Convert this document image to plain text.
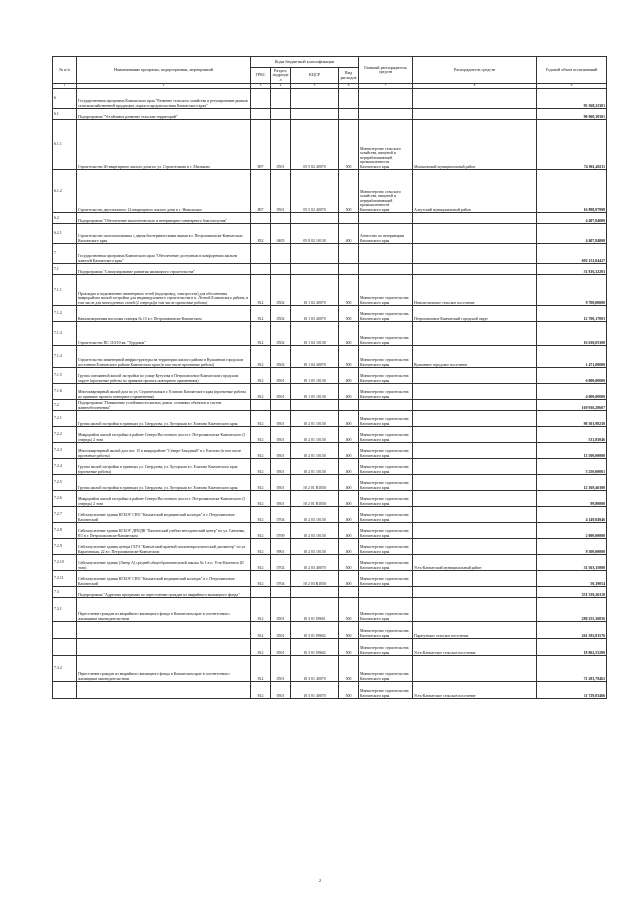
№ п/п	Наименование програмы, подпрограммы, мероприятий	Коды бюджетной классификации				Главный распорядитель средств	Распорядитель средств	Годовой объем ассигнований
		ГРБС	Раздел, подраздел	КЦСР	Вид расходов			
1	2	3	4	5	6	7	8	9
6	Государственная программа Камчатского края "Развитие сельского хозяйства и регулирование рынков сельскохозяйственной продукции, сырья и продовольствия Камчатского края"							95 368,22301
6.1	Подпрограмма "Устойчивое развитие сельских территорий"							90 960,38301
6.1.1	Строительство 40-квартирного жилого дома по ул. Строительная в с. Мильково	807	0501	05 5 02 40070	500	Министерство сельского хозяйства, пищевой и перерабатывающей промышленности Камчатского края	Мильковский муниципальный район	74 061,40211
6.1.2	Строительство двухэтажного 12-квартирного жилого дома в с. Никольское	807	0501	05 5 02 40070	500	Министерство сельского хозяйства, пищевой и перерабатывающей промышленности Камчатского края	Алеутский муниципальный район	16 898,97998
6.2	Подпрограмма "Обеспечение эпизоотического и ветеринарно-санитарного благополучия"							4 407,84000
6.2.1	Строительство скотомогильника с двумя биотермическими ямами в г. Петропавловске-Камчатском Камчатского края	832	0405	05 8 02 10130	400	Агентство по ветеринарии Камчатского края		4 407,84000
7	Государственная программа Камчатского края "Обеспечение доступным и комфортным жильем жителей Камчатского края"							692 152,04427
7.1	Подпрограмма "Стимулирование развития жилищного строительства"							51 816,32203
7.1.1	Прокладка и подключение инженерных сетей (водопровод, электросети) для обеспечения микрорайона жилой застройки для индивидуального строительства в п. Лесной Елизовского района, в том числе для многодетных семей (2 очередь)(в том числе проектные работы)	812	0502	10 1 02 40070	500	Министерство строительства Камчатского края	Новолесновское сельское поселение	9 700,00000
7.1.2	Канализационная насосная станция № 15 в г. Петропавловске-Камчатском	812	0502	10 1 03 40070	500	Министерство строительства Камчатского края	Петропавловск-Камчатский городской округ	12 706,17003
7.1.3	Строительство ПС 110/10 кв. "Турдоков"	812	0502	10 1 04 10130	400	Министерство строительства Камчатского края		16 630,05300
7.1.4	Строительство инженерной инфраструктуры на территории жилого района в Вулканном городском поселении Елизовского района Камчатского края (в том числе проектные работы)	812	0502	10 1 04 40070	500	Министерство строительства Камчатского края	Вулканное городское поселение	1 471,00000
7.1.5	Группа смешанной жилой застройки по улице Кутузова в Петропавловск-Камчатском городском округе (проектные работы по привязке проекта повторного применения)	812	0501	10 1 05 10130	400	Министерство строительства Камчатского края		6 000,00000
7.1.6	Многоквартирный жилой дом по ул. Строительная в г. Елизово Камчатского края (проектные работы по привязке проекта повторного применения)	812	0501	10 1 05 10130	400	Министерство строительства Камчатского края		4 000,00000
7.2	Подпрограмма "Повышение устойчивости жилых домов, основных объектов и систем жизнеобеспечения"							169 036,28607
7.2.1	Группа жилой застройки в границах ул. Свердлова, ул. Хуторская в г. Елизово Камчатского края	812	0501	10 2 01 10130	400	Министерство строительства Камчатского края		90 301,98238
7.2.2	Микрорайон жилой застройки в районе Северо-Восточного шоссе г. Петропавловска-Камчатского (1 очередь) 2 этап	812	0501	10 2 01 10130	400	Министерство строительства Камчатского края		531,85046
7.2.3	Многоквартирный жилой дом поз. 15 в микрорайоне "Северо-Западный" в г. Елизово (в том числе проектные работы)	812	0501	10 2 01 10130	400	Министерство строительства Камчатского края		13 500,00000
7.2.4	Группа жилой застройки в границах ул. Свердлова, ул. Хуторская в г. Елизово Камчатского края (проектные работы)	812	0501	10 2 01 10130	400	Министерство строительства Камчатского края		5 250,00001
7.2.5	Группа жилой застройки в границах ул. Свердлова, ул. Хуторская в г. Елизово Камчатского края	812	0501	10 2 01 R1050	400	Министерство строительства Камчатского края		12 369,46300
7.2.6	Микрорайон жилой застройки в районе Северо-Восточного шоссе г. Петропавловска-Камчатского (1 очередь) 2 этап	812	0501	10 2 01 R1050	400	Министерство строительства Камчатского края		99,80000
7.2.7	Сейсмоусиление здания КГБОУ СПО "Камчатский медицинский колледж" в г. Петропавловск-Камчатский	812	0704	10 2 03 10130	400	Министерство строительства Камчатского края		4 149,84946
7.2.8	Сейсмоусиление здания КГБОУ ДПОДК "Камчатский учебно-методический центр" по ул. Савченко, 8/1 в г. Петропавловске-Камчатском	812	0709	10 2 03 10130	400	Министерство строительства Камчатского края		2 000,00000
7.2.9	Сейсмоусиление здания центра ГБУЗ "Камчатский краевой психоневрологический диспансер" по ул. Карагинская, 22 в г. Петропавловске-Камчатском	812	0901	10 2 03 10130	400	Министерство строительства Камчатского края		9 300,00000
7.2.10	Сейсмоусиление здания (Литер А) средней общеобразовательной школы № 1 в п. Усть-Камчатск (II этап)	812	0702	10 2 03 40070	500	Министерство строительства Камчатского края	Усть-Камчатский муниципальный район	31 563,15000
7.2.11	Сейсмоусиление здания КГБОУ СПО "Камчатский медицинский колледж" в г. Петропавловск-Камчатский	812	0704	10 2 03 R1050	400	Министерство строительства Камчатского края		50,19054
7.3	Подпрограмма "Адресная программа по переселению граждан из аварийного жилищного фонда"							351 539,26318
7.3.1	Переселение граждан из аварийного жилищного фонда в Камчатском крае в соответствии с жилищным законодательством	812	0501	10 3 01 09601	500	Министерство строительства Камчатского края		280 255,36856
		812	0501	10 3 01 09602	500	Министерство строительства Камчатского края	Паратунское сельское поселение	261 392,81576
		812	0501	10 3 01 09602	500	Министерство строительства Камчатского края	Усть-Камчатское сельское поселение	18 862,55280
7.3.2	Переселение граждан из аварийного жилищного фонда в Камчатском крае в соответствии с жилищным законодательством	812	0501	10 3 01 40070	500	Министерство строительства Камчатского края		71 283,79462
		812	0501	10 3 01 40070	500	Министерство строительства Камчатского края	Усть-Камчатское сельское поселение	11 729,83466
2
